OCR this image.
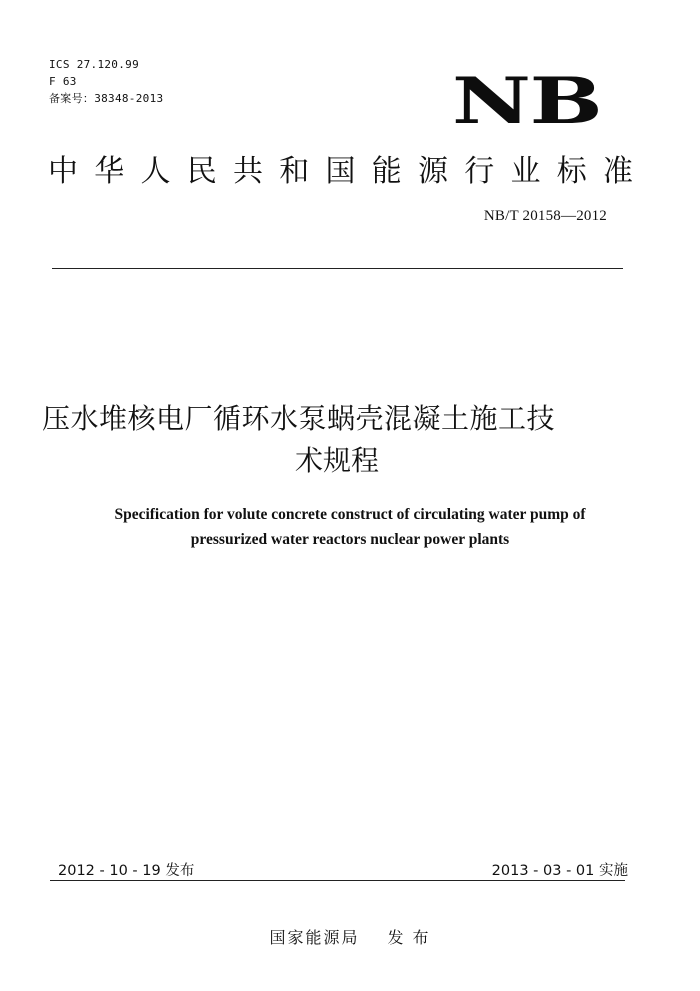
ICS 27.120.99
F 63
备案号：38348-2013	NB
中 华 人 民 共 和 国 能 源 行 业 标 准
NB/T 20158—2012
压水堆核电厂循环水泵蜗壳混凝土施工技
术规程
Specification for volute concrete construct of circulating water pump of
pressurized water reactors nuclear power plants
2012 - 10 - 19 发布	2013 - 03 - 01 实施
国家能源局 发 布
